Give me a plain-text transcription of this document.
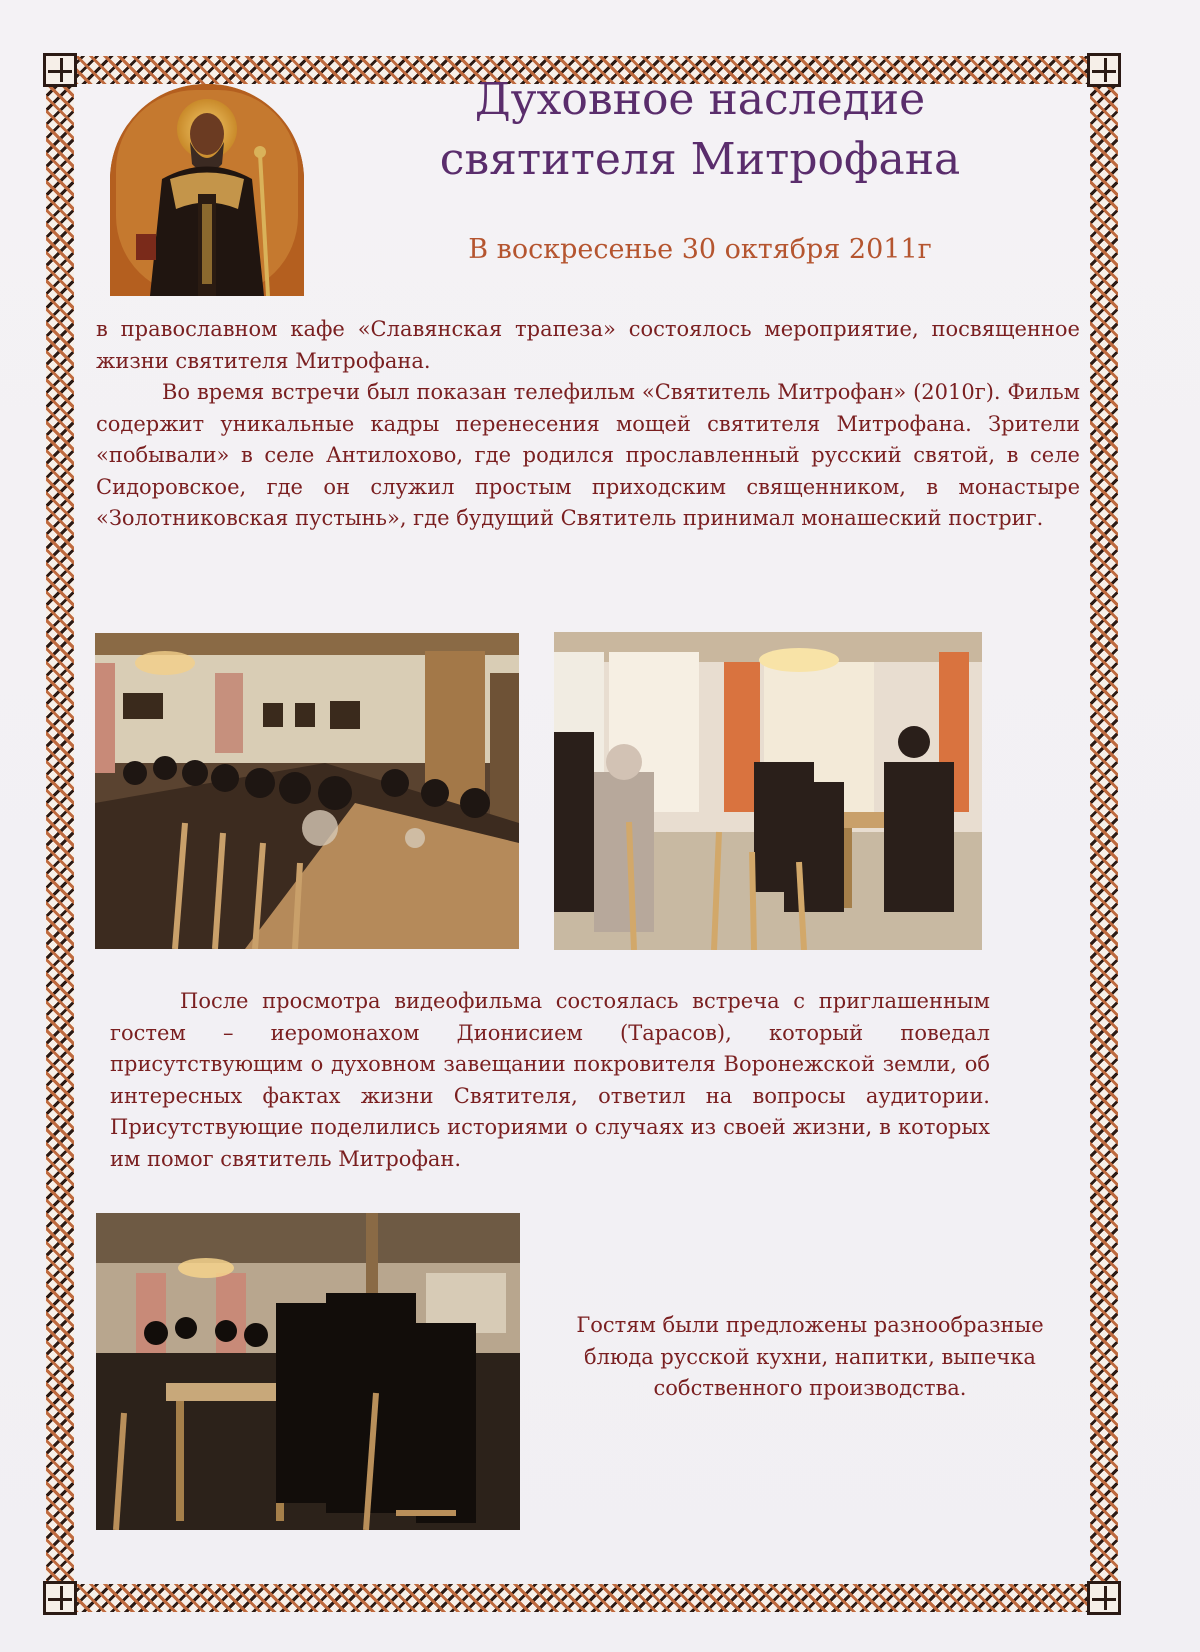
✠	Духовное наследие
святителя Митрофана
В воскресенье 30 октября 2011г

в православном кафе «Славянская трапеза» состоялось мероприятие, посвященное жизни святителя Митрофана.

Во время встречи был показан телефильм «Святитель Митрофан» (2010г). Фильм содержит уникальные кадры перенесения мощей святителя Митрофана. Зрители «побывали» в селе Антилохово, где родился прославленный русский святой, в селе Сидоровское, где он служил простым приходским священником, в монастыре «Золотниковская пустынь», где будущий Святитель принимал монашеский постриг.

После просмотра видеофильма состоялась встреча с приглашенным гостем – иеромонахом Дионисием (Тарасов), который поведал присутствующим о духовном завещании покровителя Воронежской земли, об интересных фактах жизни Святителя, ответил на вопросы аудитории. Присутствующие поделились историями о случаях из своей жизни, в которых им помог святитель Митрофан.

Гостям были предложены разнообразные блюда русской кухни, напитки, выпечка собственного производства.
